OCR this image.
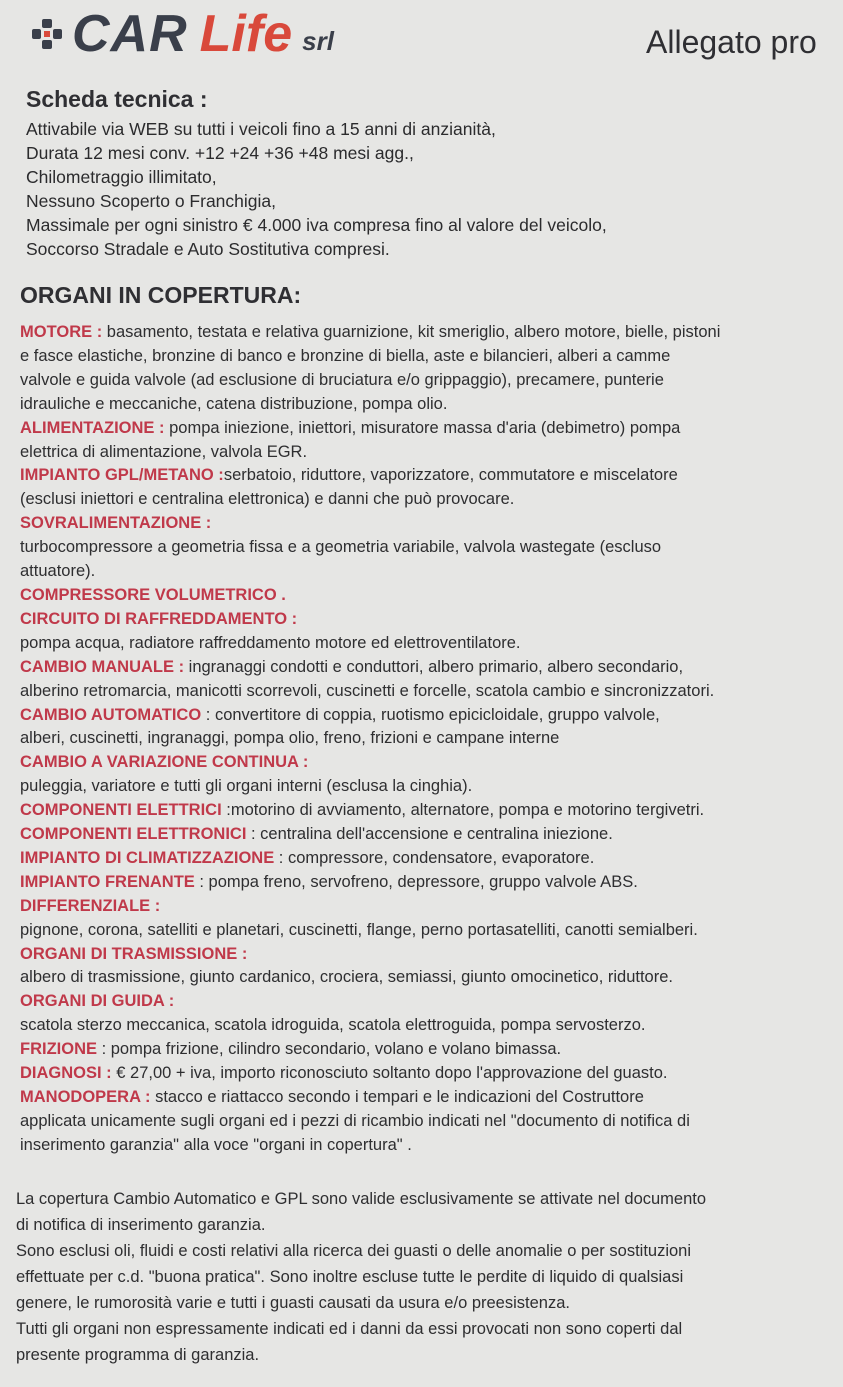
CAR Life srl	Allegato pro
Scheda tecnica :
Attivabile via WEB su tutti i veicoli fino a 15 anni di anzianità,
Durata 12 mesi conv. +12 +24 +36 +48 mesi agg.,
Chilometraggio illimitato,
Nessuno Scoperto o Franchigia,
Massimale per ogni sinistro € 4.000 iva compresa fino al valore del veicolo,
Soccorso Stradale e Auto Sostitutiva compresi.
ORGANI IN COPERTURA:
MOTORE : basamento, testata e relativa guarnizione, kit smeriglio, albero motore, bielle, pistoni
e fasce elastiche, bronzine di banco e bronzine di biella, aste e bilancieri, alberi a camme
valvole e guida valvole (ad esclusione di bruciatura e/o grippaggio), precamere, punterie
idrauliche e meccaniche, catena distribuzione, pompa olio.
ALIMENTAZIONE : pompa iniezione, iniettori, misuratore massa d'aria (debimetro) pompa
elettrica di alimentazione, valvola EGR.
IMPIANTO GPL/METANO :serbatoio, riduttore, vaporizzatore, commutatore e miscelatore
(esclusi iniettori e centralina elettronica) e danni che può provocare.
SOVRALIMENTAZIONE :
turbocompressore a geometria fissa e a geometria variabile, valvola wastegate (escluso
attuatore).
COMPRESSORE VOLUMETRICO .
CIRCUITO DI RAFFREDDAMENTO :
pompa acqua, radiatore raffreddamento motore ed elettroventilatore.
CAMBIO MANUALE : ingranaggi condotti e conduttori, albero primario, albero secondario,
alberino retromarcia, manicotti scorrevoli, cuscinetti e forcelle, scatola cambio e sincronizzatori.
CAMBIO AUTOMATICO : convertitore di coppia, ruotismo epicicloidale, gruppo valvole,
alberi, cuscinetti, ingranaggi, pompa olio, freno, frizioni e campane interne
CAMBIO A VARIAZIONE CONTINUA :
puleggia, variatore e tutti gli organi interni (esclusa la cinghia).
COMPONENTI ELETTRICI :motorino di avviamento, alternatore, pompa e motorino tergivetri.
COMPONENTI ELETTRONICI : centralina dell'accensione e centralina iniezione.
IMPIANTO DI CLIMATIZZAZIONE : compressore, condensatore, evaporatore.
IMPIANTO FRENANTE : pompa freno, servofreno, depressore, gruppo valvole ABS.
DIFFERENZIALE :
pignone, corona, satelliti e planetari, cuscinetti, flange, perno portasatelliti, canotti semialberi.
ORGANI DI TRASMISSIONE :
albero di trasmissione, giunto cardanico, crociera, semiassi, giunto omocinetico, riduttore.
ORGANI DI GUIDA :
scatola sterzo meccanica, scatola idroguida, scatola elettroguida, pompa servosterzo.
FRIZIONE : pompa frizione, cilindro secondario, volano e volano bimassa.
DIAGNOSI : € 27,00 + iva, importo riconosciuto soltanto dopo l'approvazione del guasto.
MANODOPERA : stacco e riattacco secondo i tempari e le indicazioni del Costruttore
applicata unicamente sugli organi ed i pezzi di ricambio indicati nel "documento di notifica di
inserimento garanzia" alla voce "organi in copertura" .
La copertura Cambio Automatico e GPL sono valide esclusivamente se attivate nel documento
di notifica di inserimento garanzia.
Sono esclusi oli, fluidi e costi relativi alla ricerca dei guasti o delle anomalie o per sostituzioni
effettuate per c.d. "buona pratica". Sono inoltre escluse tutte le perdite di liquido di qualsiasi
genere, le rumorosità varie e tutti i guasti causati da usura e/o preesistenza.
Tutti gli organi non espressamente indicati ed i danni da essi provocati non sono coperti dal
presente programma di garanzia.
